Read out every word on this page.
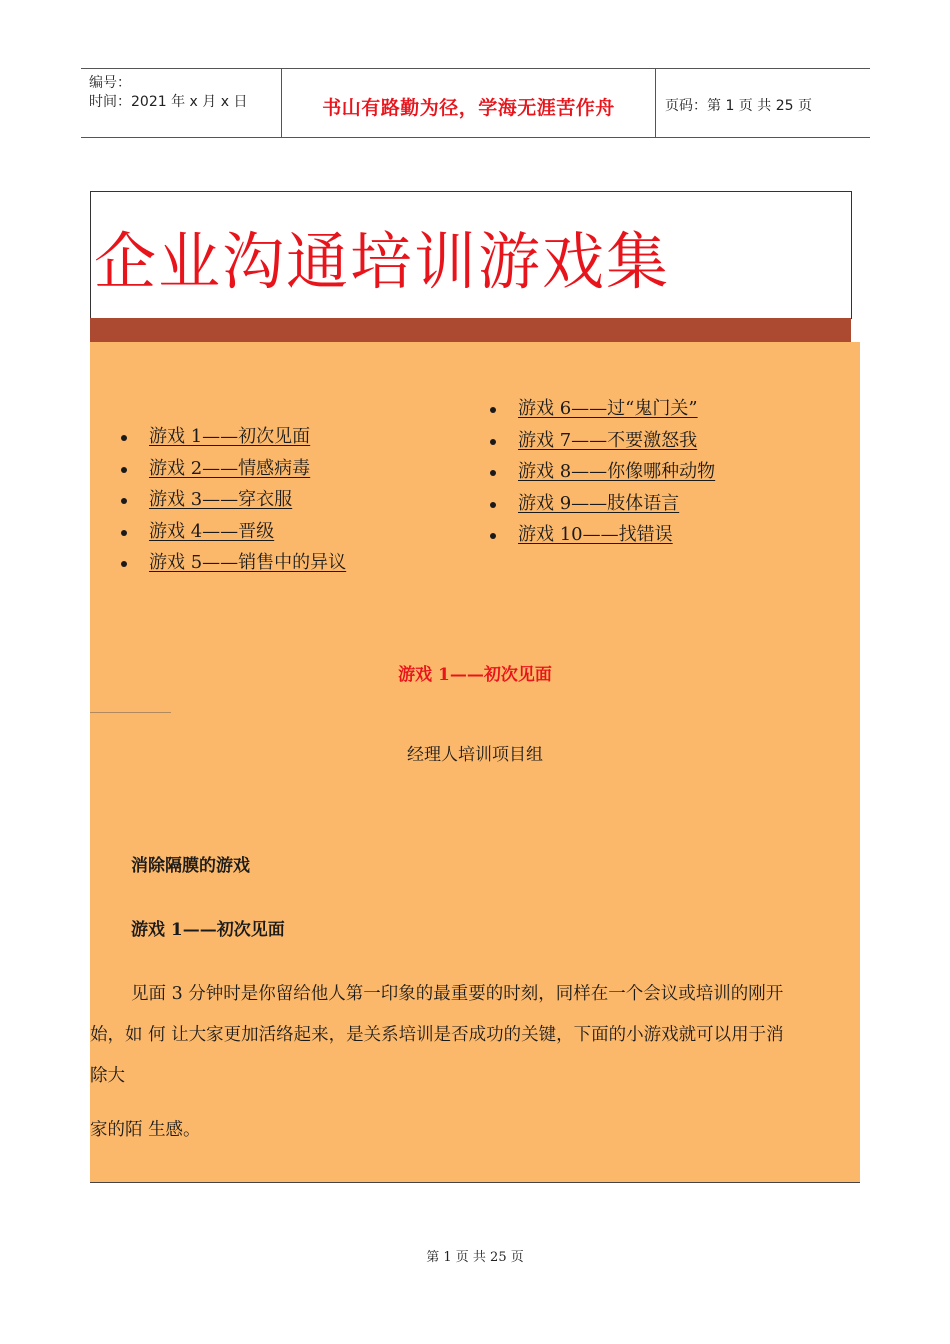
编号：
时间：2021 年 x 月 x 日	书山有路勤为径，学海无涯苦作舟	页码：第 1 页 共 25 页
企业沟通培训游戏集
游戏 1——初次见面
游戏 2——情感病毒
游戏 3——穿衣服
游戏 4——晋级
游戏 5——销售中的异议
游戏 6——过“鬼门关”
游戏 7——不要激怒我
游戏 8——你像哪种动物
游戏 9——肢体语言
游戏 10——找错误
游戏 1——初次见面
经理人培训项目组
消除隔膜的游戏
游戏 1——初次见面
见面 3 分钟时是你留给他人第一印象的最重要的时刻，同样在一个会议或培训的刚开
始，如 何 让大家更加活络起来，是关系培训是否成功的关键，下面的小游戏就可以用于消
除大
家的陌 生感。
第 1 页 共 25 页
